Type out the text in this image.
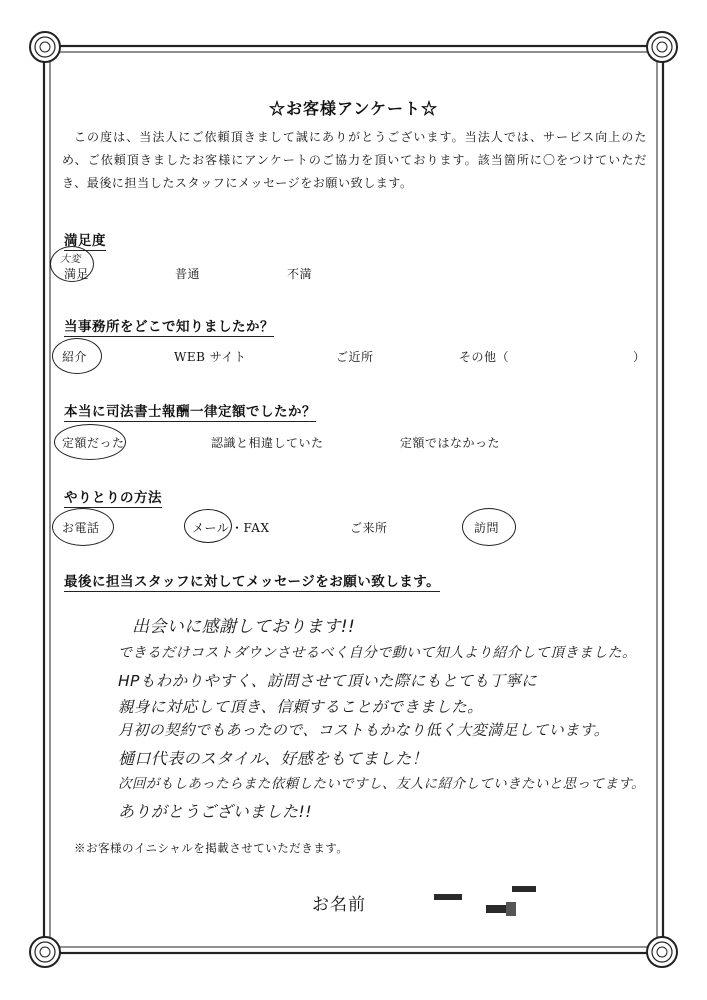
☆お客様アンケート☆
この度は、当法人にご依頼頂きまして誠にありがとうございます。当法人では、サービス向上のため、ご依頼頂きましたお客様にアンケートのご協力を頂いております。該当箇所に〇をつけていただき、最後に担当したスタッフにメッセージをお願い致します。
満足度
大変
満足	普通	不満
当事務所をどこで知りましたか？
紹介	WEB サイト	ご近所	その他（	）
本当に司法書士報酬一律定額でしたか？
定額だった	認識と相違していた	定額ではなかった
やりとりの方法
お電話	メール ・FAX	ご来所	訪問
最後に担当スタッフに対してメッセージをお願い致します。
出会いに感謝しております!!
できるだけコストダウンさせるべく自分で動いて知人より紹介して頂きました。
HPもわかりやすく、訪問させて頂いた際にもとても丁寧に
親身に対応して頂き、信頼することができました。
月初の契約でもあったので、コストもかなり低く大変満足しています。
樋口代表のスタイル、好感をもてました！
次回がもしあったらまた依頼したいですし、友人に紹介していきたいと思ってます。
ありがとうございました!!
※お客様のイニシャルを掲載させていただきます。
お名前
